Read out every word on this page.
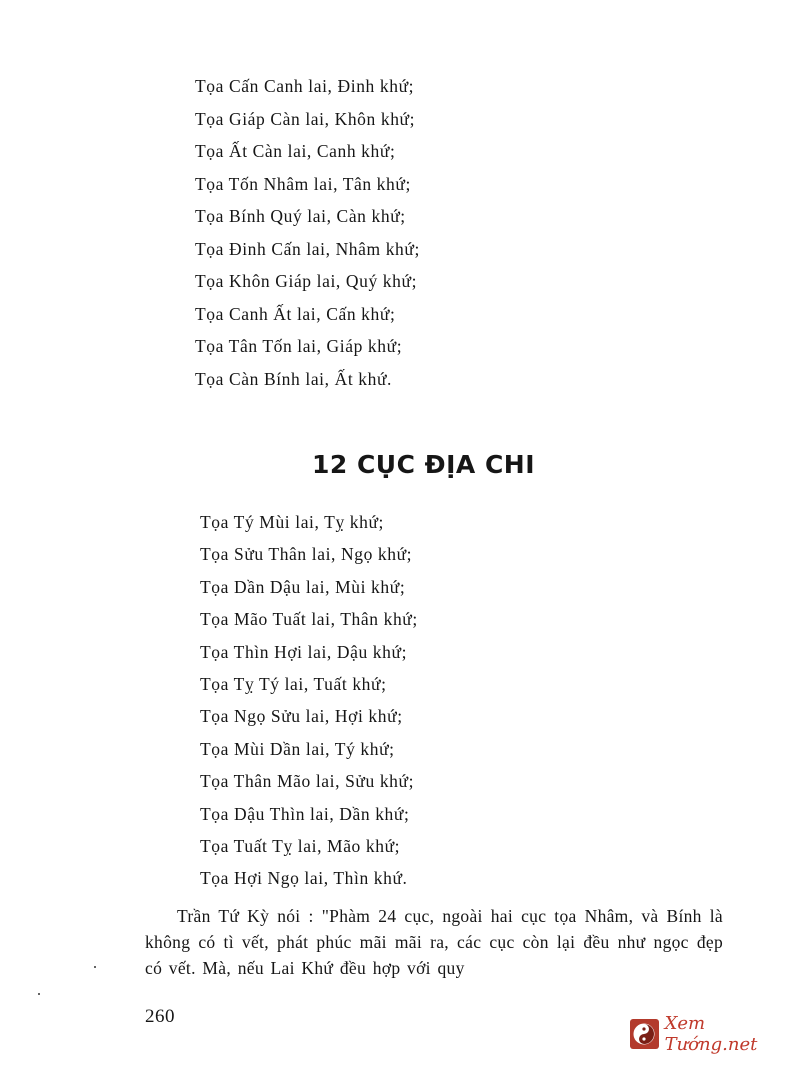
Tọa Cấn Canh lai, Đinh khứ;
Tọa Giáp Càn lai, Khôn khứ;
Tọa Ất Càn lai, Canh khứ;
Tọa Tốn Nhâm lai, Tân khứ;
Tọa Bính Quý lai, Càn khứ;
Tọa Đinh Cấn lai, Nhâm khứ;
Tọa Khôn Giáp lai, Quý khứ;
Tọa Canh Ất lai, Cấn khứ;
Tọa Tân Tốn lai, Giáp khứ;
Tọa Càn Bính lai, Ất khứ.
12 CỤC ĐỊA CHI
Tọa Tý Mùi lai, Tỵ khứ;
Tọa Sửu Thân lai, Ngọ khứ;
Tọa Dần Dậu lai, Mùi khứ;
Tọa Mão Tuất lai, Thân khứ;
Tọa Thìn Hợi lai, Dậu khứ;
Tọa Tỵ Tý lai, Tuất khứ;
Tọa Ngọ Sửu lai, Hợi khứ;
Tọa Mùi Dần lai, Tý khứ;
Tọa Thân Mão lai, Sửu khứ;
Tọa Dậu Thìn lai, Dần khứ;
Tọa Tuất Tỵ lai, Mão khứ;
Tọa Hợi Ngọ lai, Thìn khứ.

Trần Tứ Kỳ nói : "Phàm 24 cục, ngoài hai cục tọa Nhâm, và Bính là không có tì vết, phát phúc mãi mãi ra, các cục còn lại đều như ngọc đẹp có vết. Mà, nếu Lai Khứ đều hợp với quy

260	Xem Tướng.net
